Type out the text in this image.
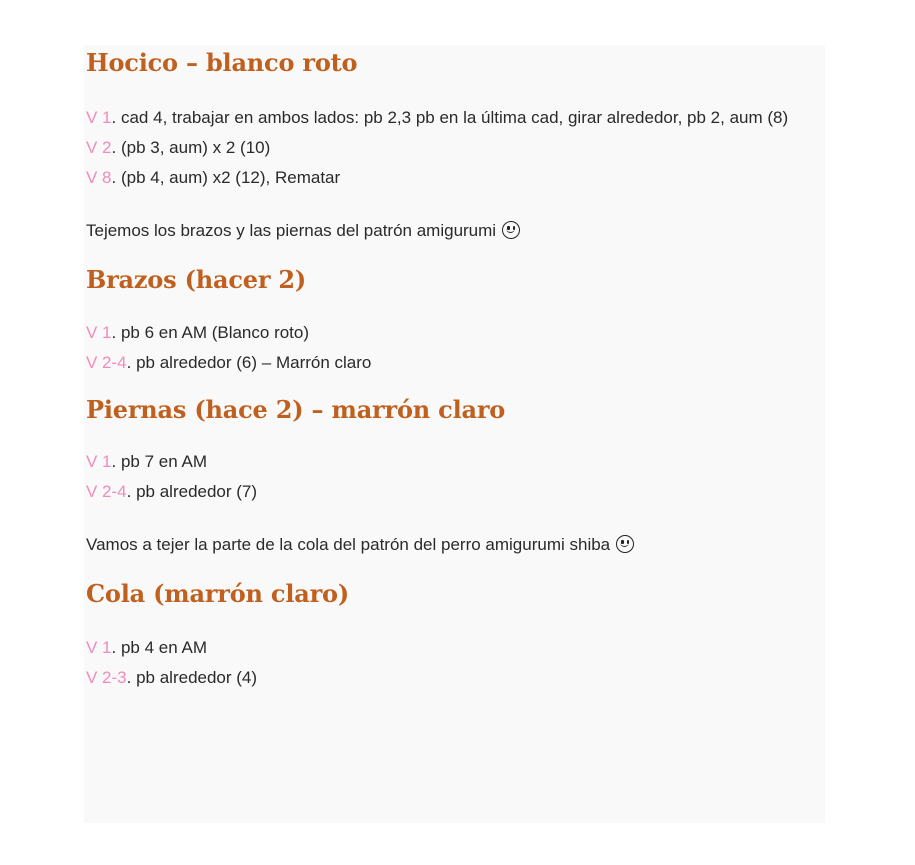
Hocico – blanco roto

V 1. cad 4, trabajar en ambos lados: pb 2,3 pb en la última cad, girar alrededor, pb 2, aum (8)

V 2. (pb 3, aum) x 2 (10)

V 8. (pb 4, aum) x2 (12), Rematar

Tejemos los brazos y las piernas del patrón amigurumi

Brazos (hacer 2)

V 1. pb 6 en AM (Blanco roto)

V 2-4. pb alrededor (6) – Marrón claro

Piernas (hace 2) – marrón claro

V 1. pb 7 en AM

V 2-4. pb alrededor (7)

Vamos a tejer la parte de la cola del patrón del perro amigurumi shiba

Cola (marrón claro)

V 1. pb 4 en AM

V 2-3. pb alrededor (4)
